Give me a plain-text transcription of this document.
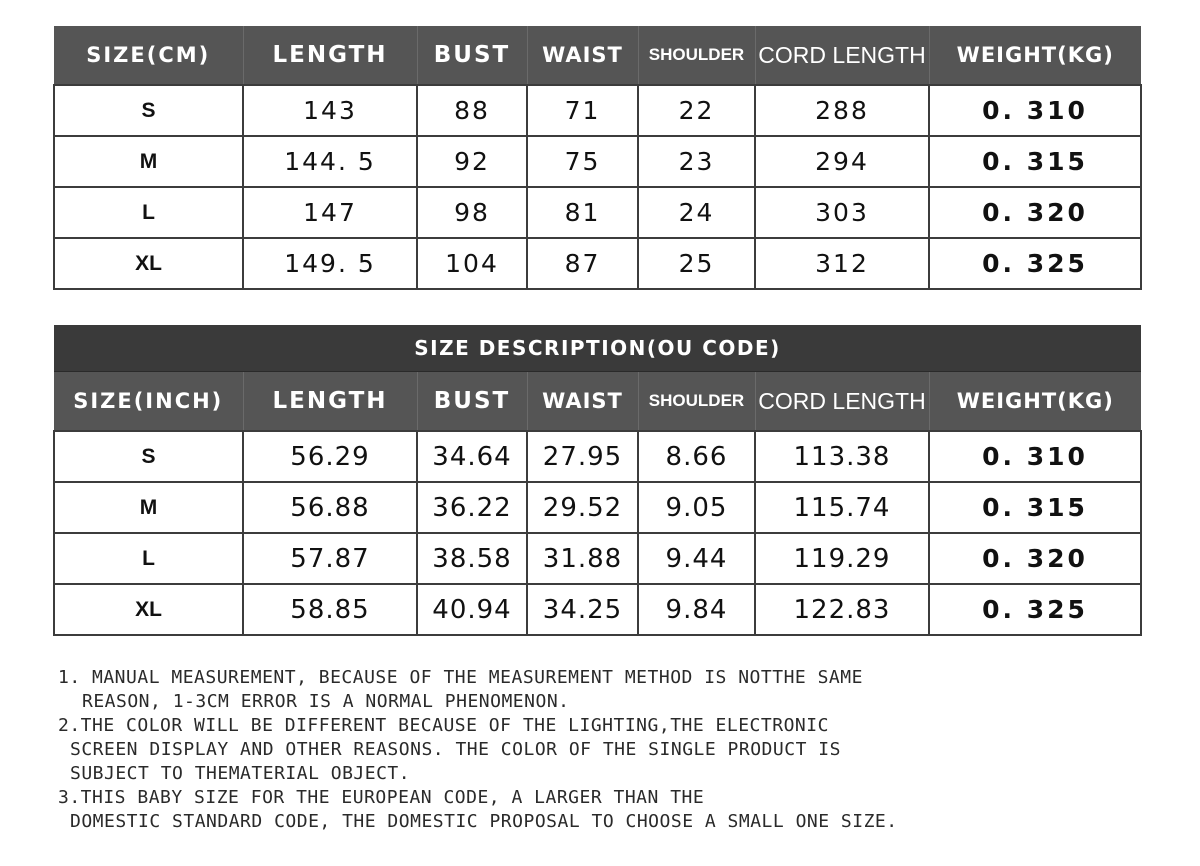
SIZE(CM)	LENGTH	BUST	WAIST	SHOULDER	CORD LENGTH	WEIGHT(KG)
S	143	88	71	22	288	0. 310
M	144. 5	92	75	23	294	0. 315
L	147	98	81	24	303	0. 320
XL	149. 5	104	87	25	312	0. 325
SIZE DESCRIPTION(OU CODE)						
SIZE(INCH)	LENGTH	BUST	WAIST	SHOULDER	CORD LENGTH	WEIGHT(KG)
S	56.29	34.64	27.95	8.66	113.38	0. 310
M	56.88	36.22	29.52	9.05	115.74	0. 315
L	57.87	38.58	31.88	9.44	119.29	0. 320
XL	58.85	40.94	34.25	9.84	122.83	0. 325

1. MANUAL MEASUREMENT, BECAUSE OF THE MEASUREMENT METHOD IS NOTTHE SAME

REASON, 1-3CM ERROR IS A NORMAL PHENOMENON.

2.THE COLOR WILL BE DIFFERENT BECAUSE OF THE LIGHTING,THE ELECTRONIC

SCREEN DISPLAY AND OTHER REASONS. THE COLOR OF THE SINGLE PRODUCT IS

SUBJECT TO THEMATERIAL OBJECT.

3.THIS BABY SIZE FOR THE EUROPEAN CODE, A LARGER THAN THE

DOMESTIC STANDARD CODE, THE DOMESTIC PROPOSAL TO CHOOSE A SMALL ONE SIZE.
